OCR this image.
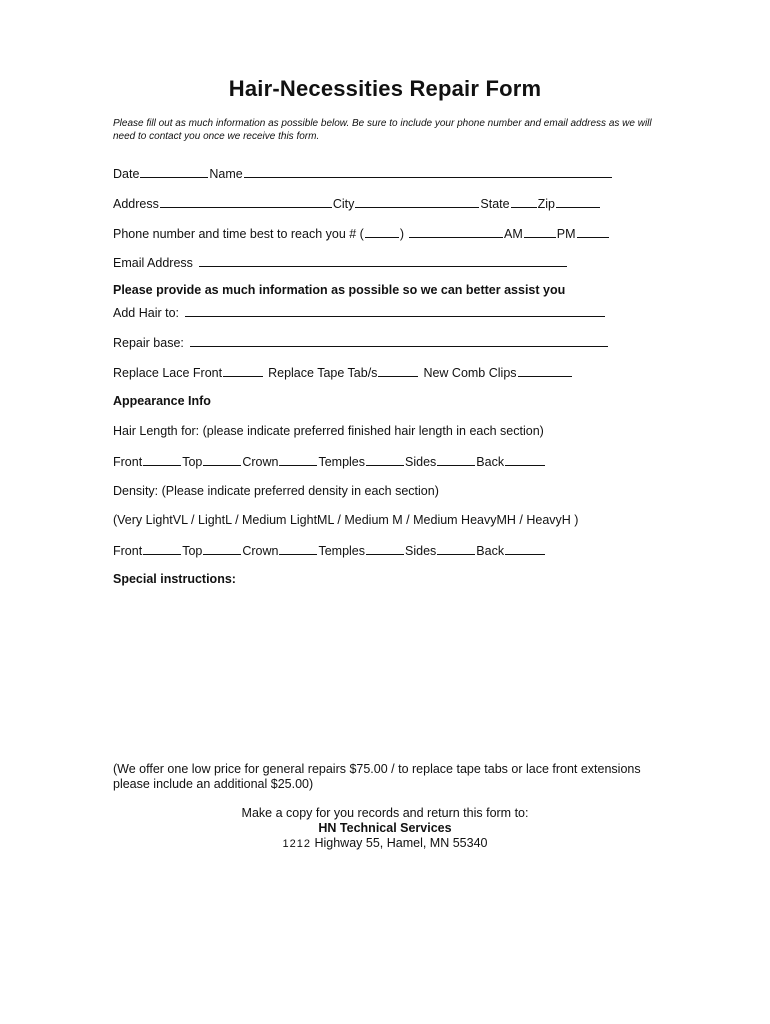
Hair-Necessities Repair Form
Please fill out as much information as possible below. Be sure to include your phone number and email address as we will need to contact you once we receive this form.
Date	Name
Address	City	State Zip
Phone number and time best to reach you # (	)	AM	PM
Email Address
Please provide as much information as possible so we can better assist you
Add Hair to:
Repair base:
Replace Lace Front	Replace Tape Tab/s	New Comb Clips
Appearance Info
Hair Length for: (please indicate preferred finished hair length in each section)
Front	Top	Crown	Temples	Sides	Back
Density: (Please indicate preferred density in each section)
(Very LightVL / LightL / Medium LightML / Medium M / Medium HeavyMH / HeavyH )
Front	Top	Crown	Temples	Sides	Back
Special instructions:
(We offer one low price for general repairs $75.00 / to replace tape tabs or lace front extensions please include an additional $25.00)
Make a copy for you records and return this form to:
HN Technical Services
1212 Highway 55, Hamel, MN 55340
